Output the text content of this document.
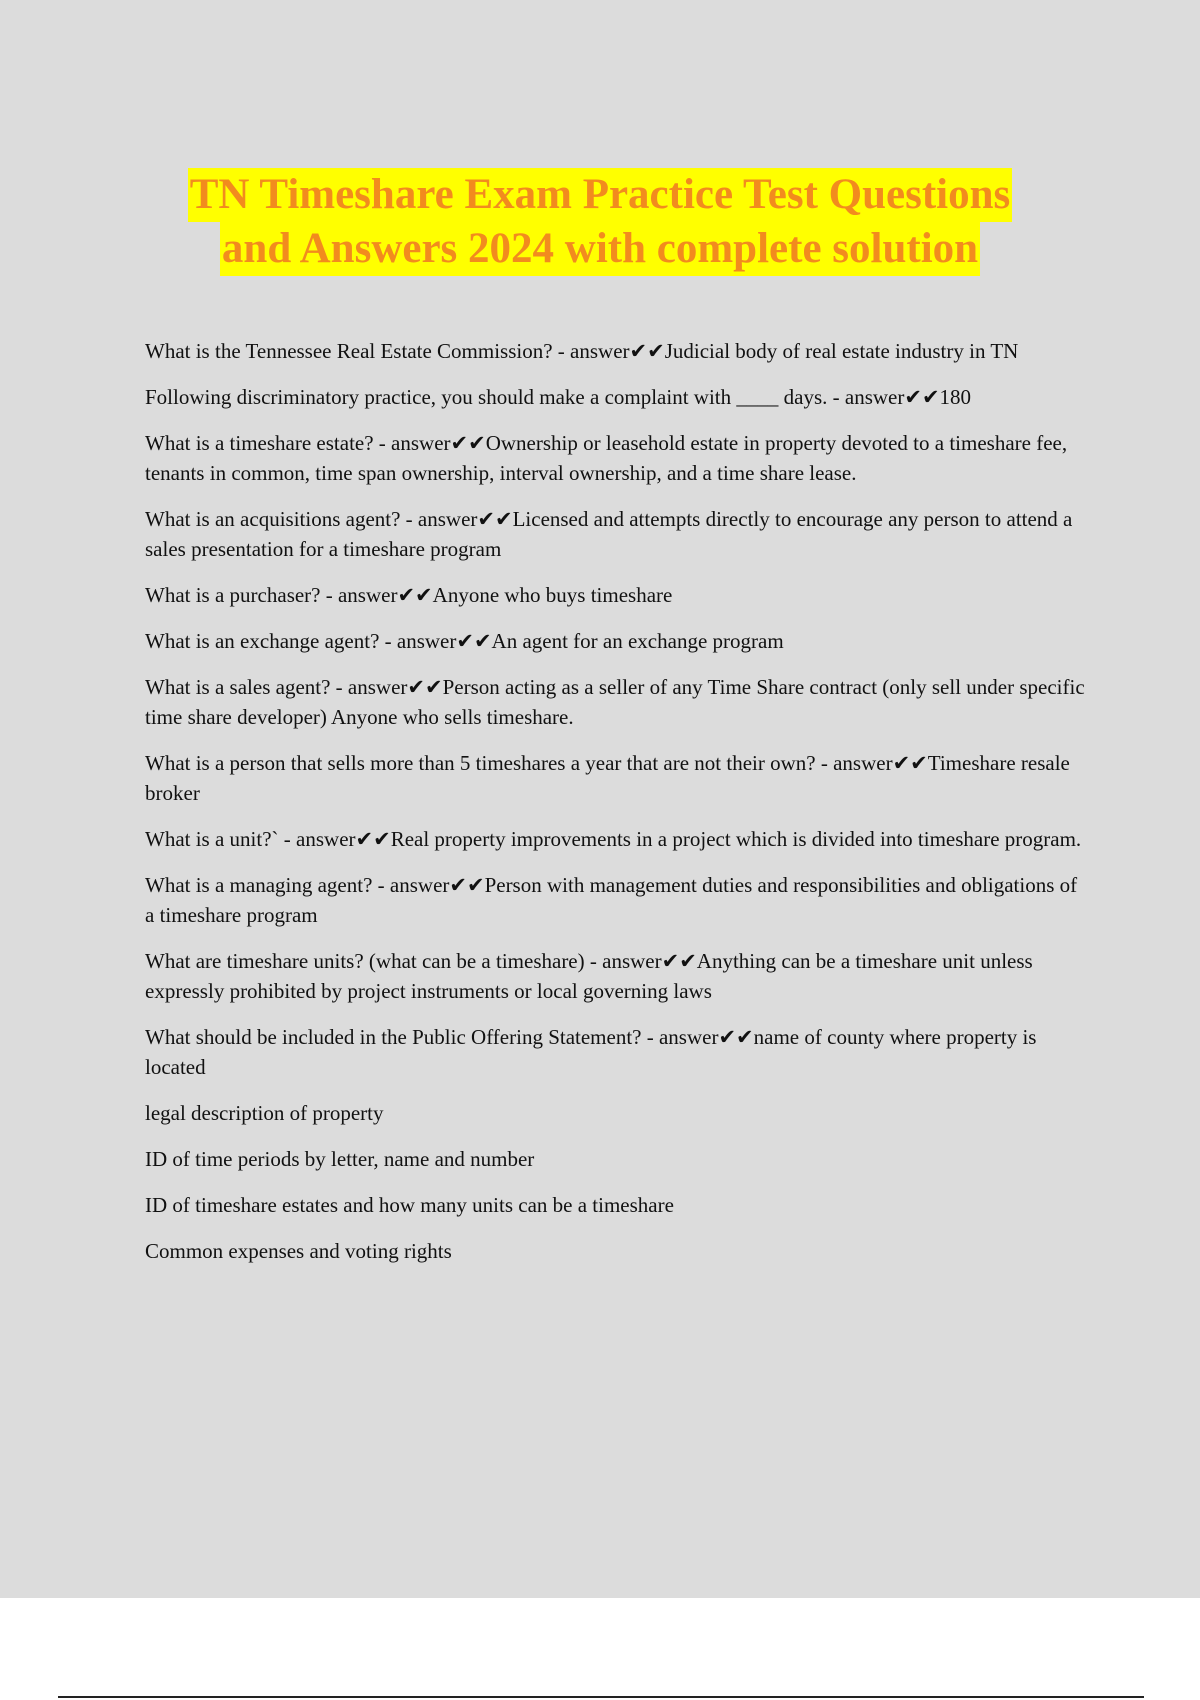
TN Timeshare Exam Practice Test Questions
and Answers 2024 with complete solution

What is the Tennessee Real Estate Commission? - answer✔✔Judicial body of real estate industry in TN

Following discriminatory practice, you should make a complaint with ____ days. - answer✔✔180

What is a timeshare estate? - answer✔✔Ownership or leasehold estate in property devoted to a timeshare fee, tenants in common, time span ownership, interval ownership, and a time share lease.

What is an acquisitions agent? - answer✔✔Licensed and attempts directly to encourage any person to attend a sales presentation for a timeshare program

What is a purchaser? - answer✔✔Anyone who buys timeshare

What is an exchange agent? - answer✔✔An agent for an exchange program

What is a sales agent? - answer✔✔Person acting as a seller of any Time Share contract (only sell under specific time share developer) Anyone who sells timeshare.

What is a person that sells more than 5 timeshares a year that are not their own? - answer✔✔Timeshare resale broker

What is a unit?` - answer✔✔Real property improvements in a project which is divided into timeshare program.

What is a managing agent? - answer✔✔Person with management duties and responsibilities and obligations of a timeshare program

What are timeshare units? (what can be a timeshare) - answer✔✔Anything can be a timeshare unit unless expressly prohibited by project instruments or local governing laws

What should be included in the Public Offering Statement? - answer✔✔name of county where property is located

legal description of property

ID of time periods by letter, name and number

ID of timeshare estates and how many units can be a timeshare

Common expenses and voting rights
